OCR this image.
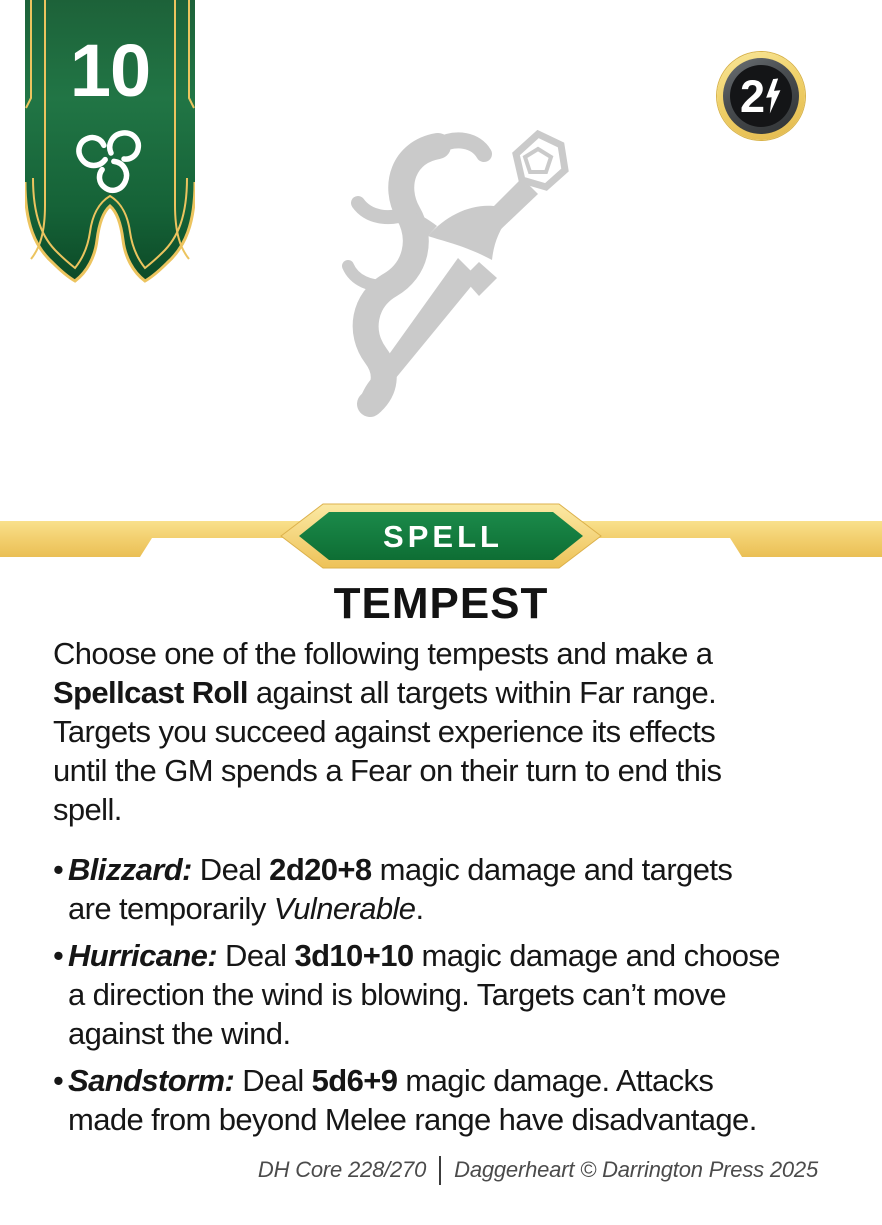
10	2
SPELL
TEMPEST

Choose one of the following tempests and make a
Spellcast Roll against all targets within Far range.
Targets you succeed against experience its effects
until the GM spends a Fear on their turn to end this
spell.

• Blizzard: Deal 2d20+8 magic damage and targets
are temporarily Vulnerable.
• Hurricane: Deal 3d10+10 magic damage and choose
a direction the wind is blowing. Targets can’t move
against the wind.
• Sandstorm: Deal 5d6+9 magic damage. Attacks
made from beyond Melee range have disadvantage.
DH Core 228/270 Daggerheart © Darrington Press 2025
